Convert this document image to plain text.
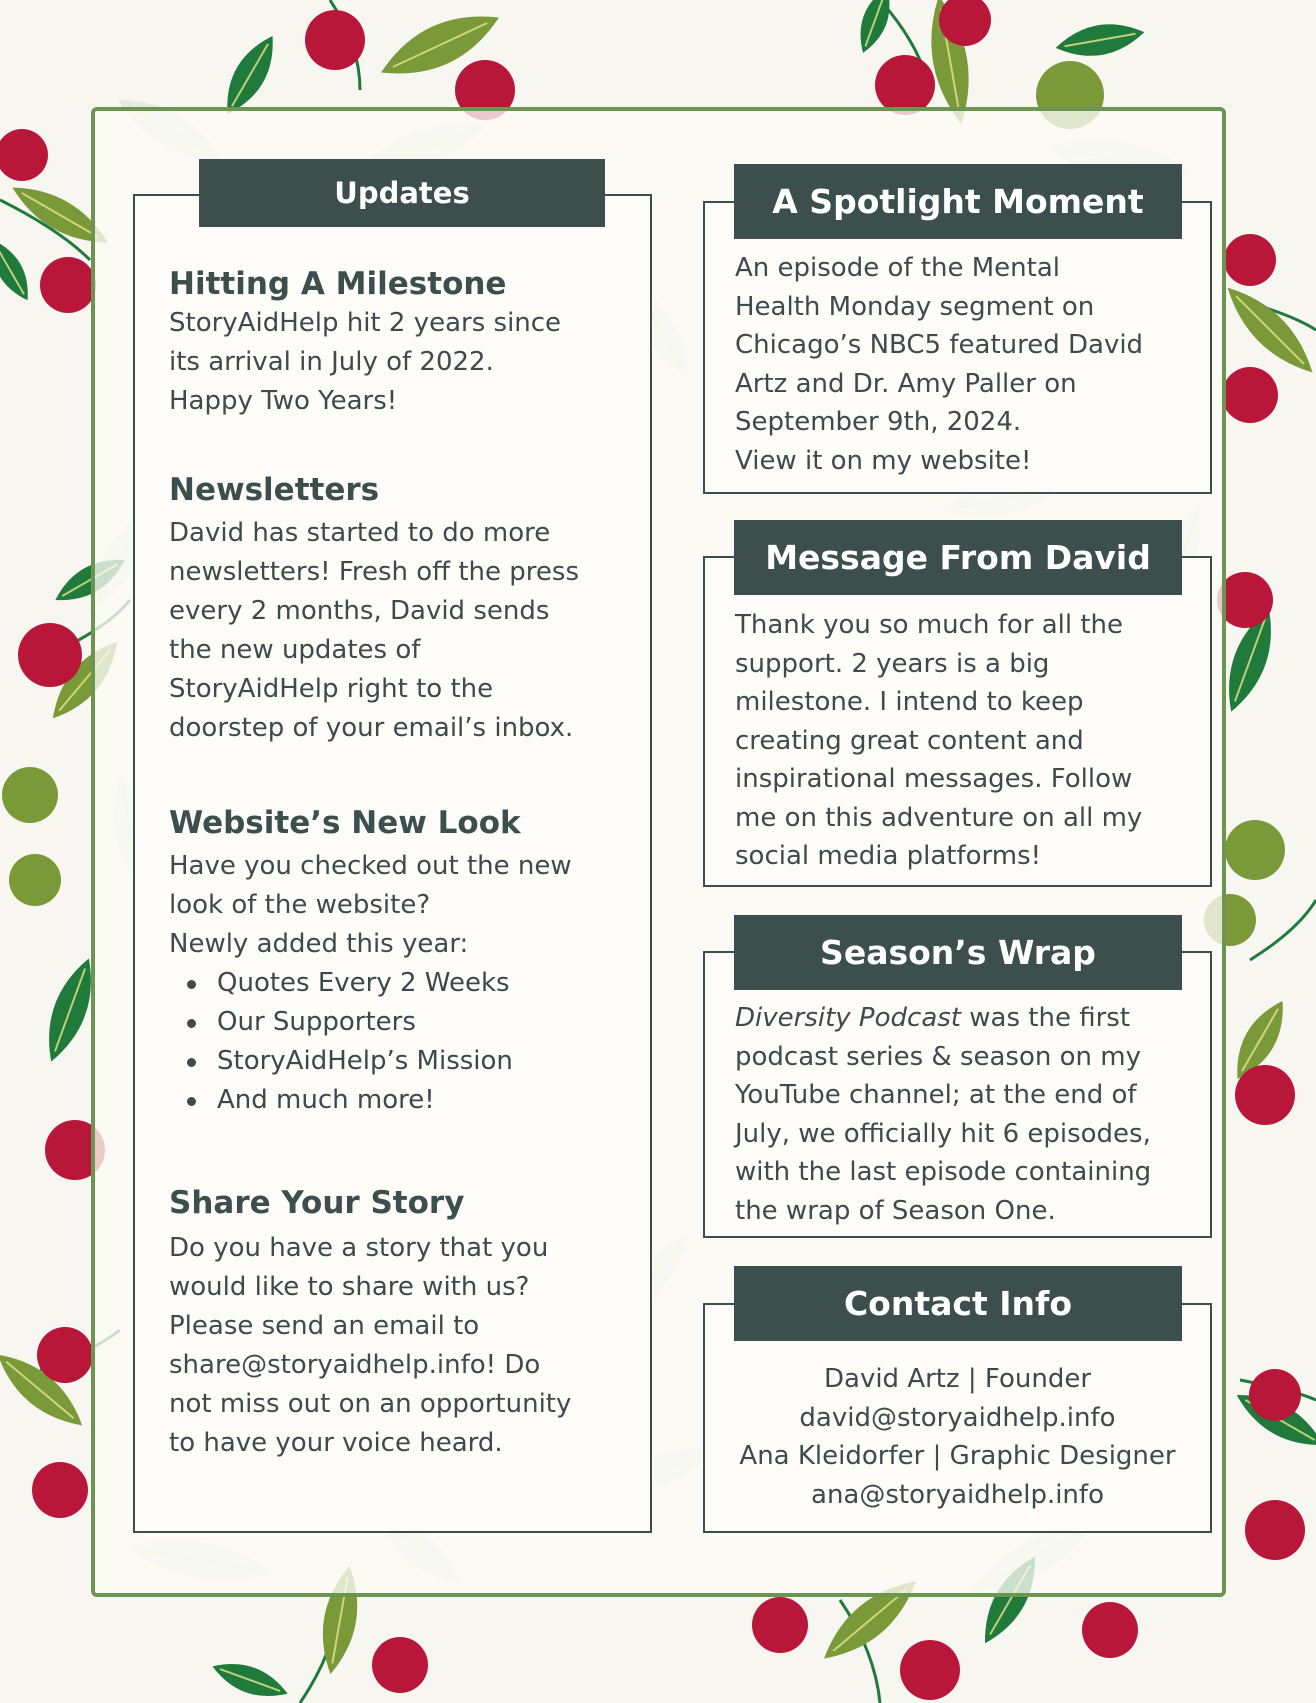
Hitting A Milestone

StoryAidHelp hit 2 years since

its arrival in July of 2022.

Happy Two Years!

Newsletters

David has started to do more

newsletters! Fresh off the press

every 2 months, David sends

the new updates of

StoryAidHelp right to the

doorstep of your email’s inbox.

Website’s New Look

Have you checked out the new

look of the website?

Newly added this year:

Quotes Every 2 Weeks
Our Supporters
StoryAidHelp’s Mission
And much more!
Share Your Story

Do you have a story that you

would like to share with us?

Please send an email to

share@storyaidhelp.info! Do

not miss out on an opportunity

to have your voice heard.

Updates

An episode of the Mental

Health Monday segment on

Chicago’s NBC5 featured David

Artz and Dr. Amy Paller on

September 9th, 2024.

View it on my website!

A Spotlight Moment

Thank you so much for all the

support. 2 years is a big

milestone. I intend to keep

creating great content and

inspirational messages. Follow

me on this adventure on all my

social media platforms!

Message From David

Diversity Podcast was the first

podcast series & season on my

YouTube channel; at the end of

July, we officially hit 6 episodes,

with the last episode containing

the wrap of Season One.

Season’s Wrap

David Artz | Founder

david@storyaidhelp.info

Ana Kleidorfer | Graphic Designer

ana@storyaidhelp.info

Contact Info
